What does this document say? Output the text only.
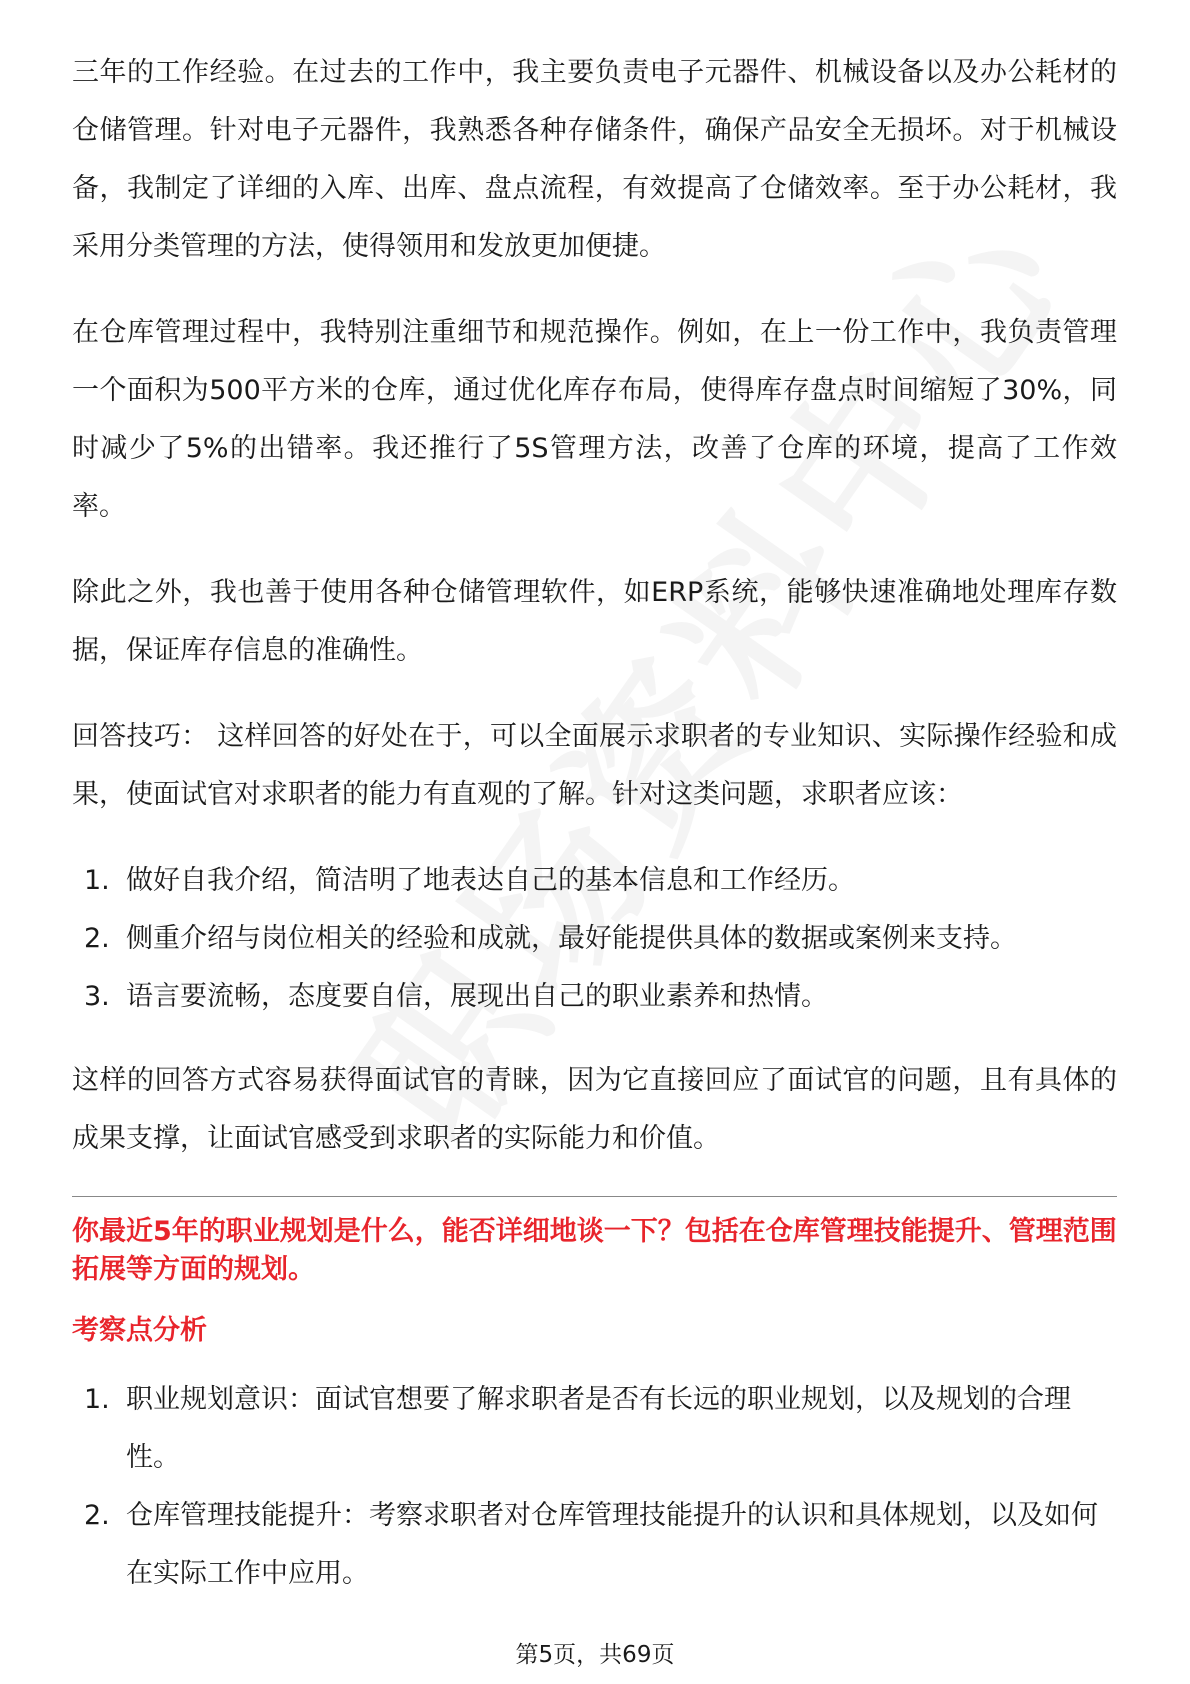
三年的工作经验。在过去的工作中，我主要负责电子元器件、机械设备以及办公耗材的仓储管理。针对电子元器件，我熟悉各种存储条件，确保产品安全无损坏。对于机械设备，我制定了详细的入库、出库、盘点流程，有效提高了仓储效率。至于办公耗材，我采用分类管理的方法，使得领用和发放更加便捷。

在仓库管理过程中，我特别注重细节和规范操作。例如，在上一份工作中，我负责管理一个面积为500平方米的仓库，通过优化库存布局，使得库存盘点时间缩短了30%，同时减少了5%的出错率。我还推行了5S管理方法，改善了仓库的环境，提高了工作效率。

除此之外，我也善于使用各种仓储管理软件，如ERP系统，能够快速准确地处理库存数据，保证库存信息的准确性。

回答技巧： 这样回答的好处在于，可以全面展示求职者的专业知识、实际操作经验和成果，使面试官对求职者的能力有直观的了解。针对这类问题，求职者应该：

1. 做好自我介绍，简洁明了地表达自己的基本信息和工作经历。
2. 侧重介绍与岗位相关的经验和成就，最好能提供具体的数据或案例来支持。
3. 语言要流畅，态度要自信，展现出自己的职业素养和热情。

这样的回答方式容易获得面试官的青睐，因为它直接回应了面试官的问题，且有具体的成果支撑，让面试官感受到求职者的实际能力和价值。

你最近5年的职业规划是什么，能否详细地谈一下？包括在仓库管理技能提升、管理范围拓展等方面的规划。
考察点分析
1. 职业规划意识：面试官想要了解求职者是否有长远的职业规划，以及规划的合理性。
2. 仓库管理技能提升：考察求职者对仓库管理技能提升的认识和具体规划，以及如何在实际工作中应用。
第5页，共69页
